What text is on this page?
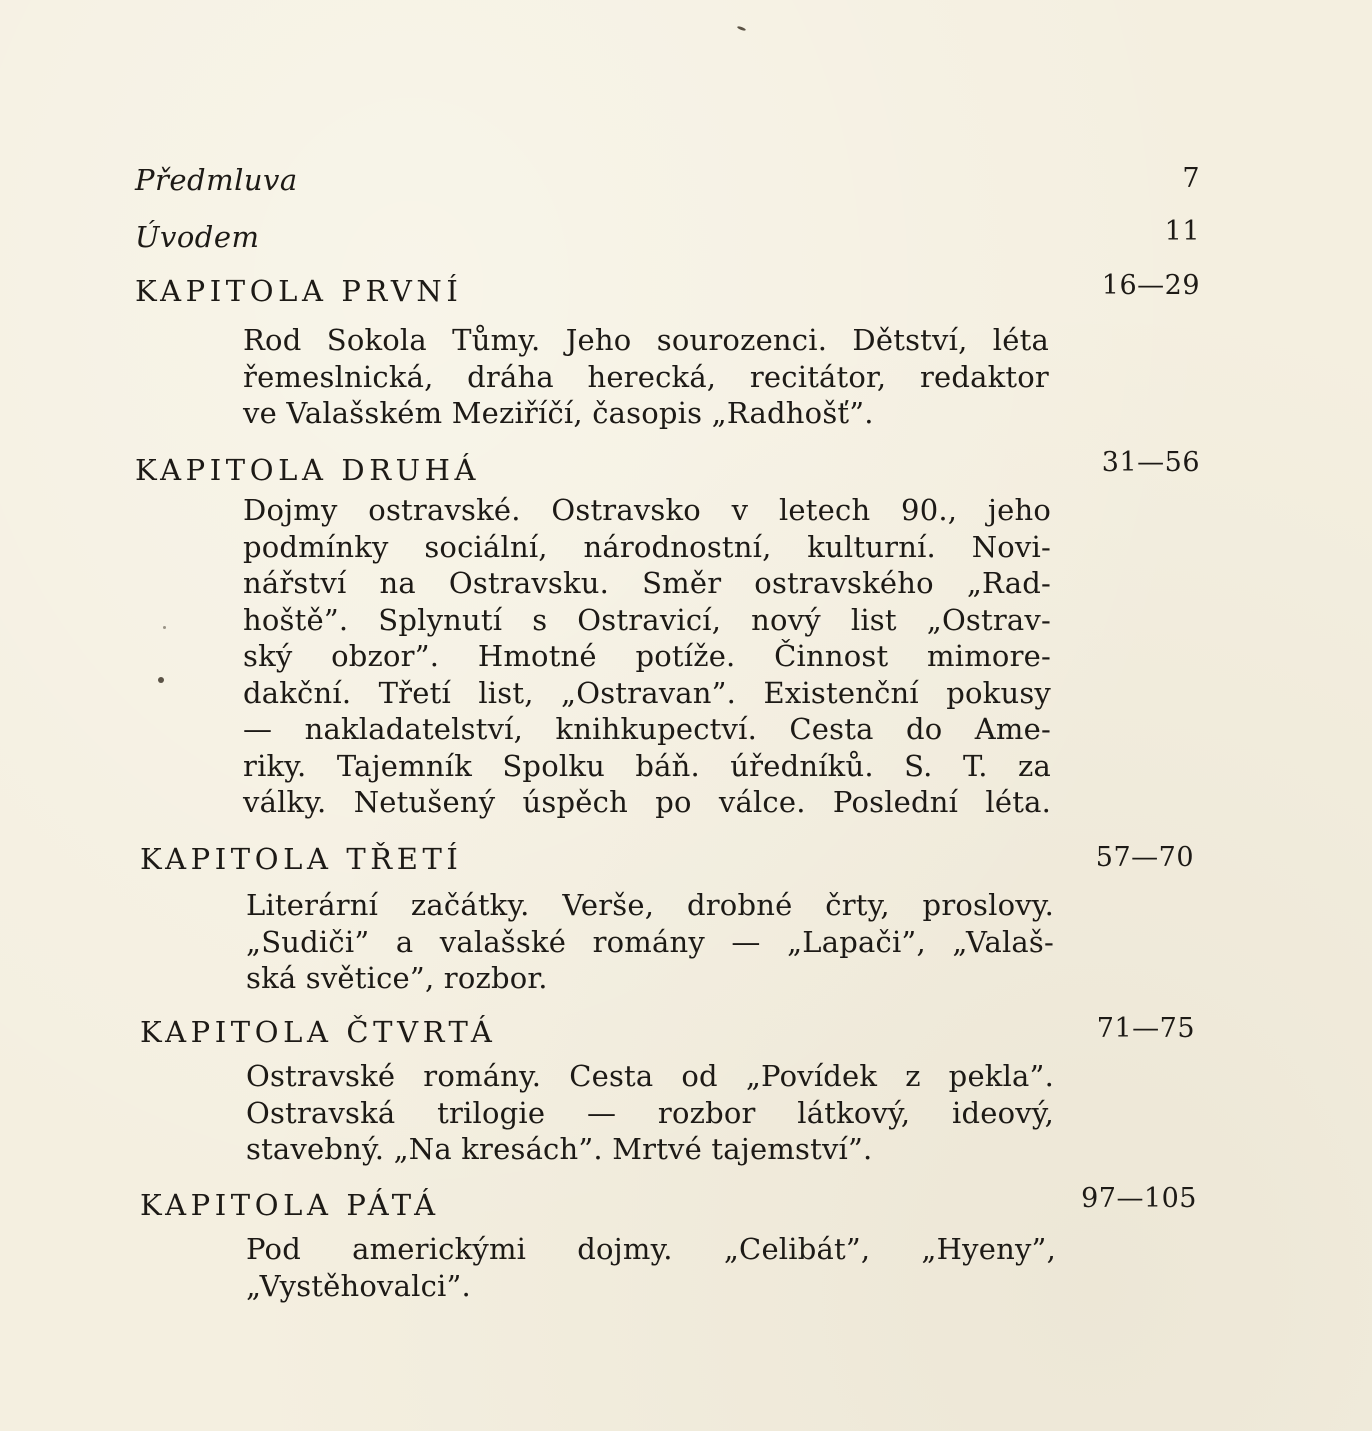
Předmluva	7
Úvodem	11
KAPITOLA PRVNÍ	16—29
Rod Sokola Tůmy. Jeho sourozenci. Dětství, léta
řemeslnická, dráha herecká, recitátor, redaktor
ve Valašském Meziříčí, časopis „Radhošť”.
KAPITOLA DRUHÁ	31—56
Dojmy ostravské. Ostravsko v letech 90., jeho
podmínky sociální, národnostní, kulturní. Novi-
nářství na Ostravsku. Směr ostravského „Rad-
hoště”. Splynutí s Ostravicí, nový list „Ostrav-
ský obzor”. Hmotné potíže. Činnost mimore-
dakční. Třetí list, „Ostravan”. Existenční pokusy
— nakladatelství, knihkupectví. Cesta do Ame-
riky. Tajemník Spolku báň. úředníků. S. T. za
války. Netušený úspěch po válce. Poslední léta.
KAPITOLA TŘETÍ	57—70
Literární začátky. Verše, drobné črty, proslovy.
„Sudiči” a valašské romány — „Lapači”, „Valaš-
ská světice”, rozbor.
KAPITOLA ČTVRTÁ	71—75
Ostravské romány. Cesta od „Povídek z pekla”.
Ostravská trilogie — rozbor látkový, ideový,
stavebný. „Na kresách”. Mrtvé tajemství”.
KAPITOLA PÁTÁ	97—105
Pod americkými dojmy. „Celibát”, „Hyeny”,
„Vystěhovalci”.
